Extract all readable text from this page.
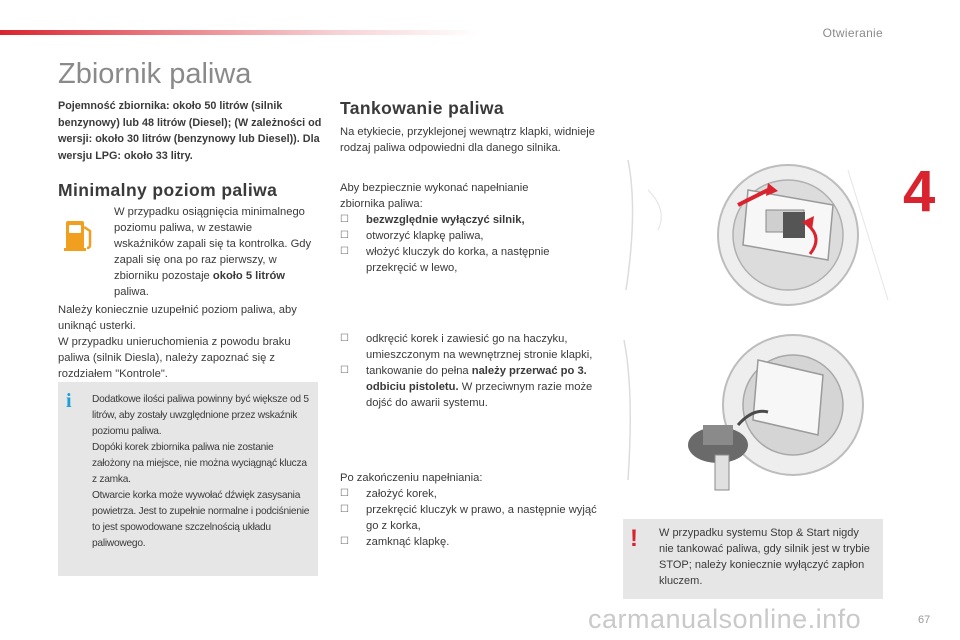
Otwieranie
4
Zbiornik paliwa
Pojemność zbiornika: około 50 litrów (silnik benzynowy) lub 48 litrów (Diesel); (W zależności od wersji: około 30 litrów (benzynowy lub Diesel)). Dla wersju LPG: około 33 litry.
Minimalny poziom paliwa

W przypadku osiągnięcia minimalnego poziomu paliwa, w zestawie wskaźników zapali się ta kontrolka. Gdy zapali się ona po raz pierwszy, w zbiorniku pozostaje około 5 litrów paliwa.

Należy koniecznie uzupełnić poziom paliwa, aby uniknąć usterki.

W przypadku unieruchomienia z powodu braku paliwa (silnik Diesla), należy zapoznać się z rozdziałem "Kontrole".

i Dodatkowe ilości paliwa powinny być większe od 5 litrów, aby zostały uwzględnione przez wskaźnik poziomu paliwa.
Dopóki korek zbiornika paliwa nie zostanie założony na miejsce, nie można wyciągnąć klucza z zamka.
Otwarcie korka może wywołać dźwięk zasysania powietrza. Jest to zupełnie normalne i podciśnienie to jest spowodowane szczelnością układu paliwowego.
Tankowanie paliwa

Na etykiecie, przyklejonej wewnątrz klapki, widnieje rodzaj paliwa odpowiedni dla danego silnika.

Aby bezpiecznie wykonać napełnianie zbiornika paliwa:

☐ bezwzględnie wyłączyć silnik,
☐ otworzyć klapkę paliwa,
☐ włożyć kluczyk do korka, a następnie przekręcić w lewo,
☐ odkręcić korek i zawiesić go na haczyku, umieszczonym na wewnętrznej stronie klapki,
☐ tankowanie do pełna należy przerwać po 3. odbiciu pistoletu. W przeciwnym razie może dojść do awarii systemu.

Po zakończeniu napełniania:

☐ założyć korek,
☐ przekręcić kluczyk w prawo, a następnie wyjąć go z korka,
☐ zamknąć klapkę.	! W przypadku systemu Stop & Start nigdy nie tankować paliwa, gdy silnik jest w trybie STOP; należy koniecznie wyłączyć zapłon kluczem.
carmanualsonline.info	67
